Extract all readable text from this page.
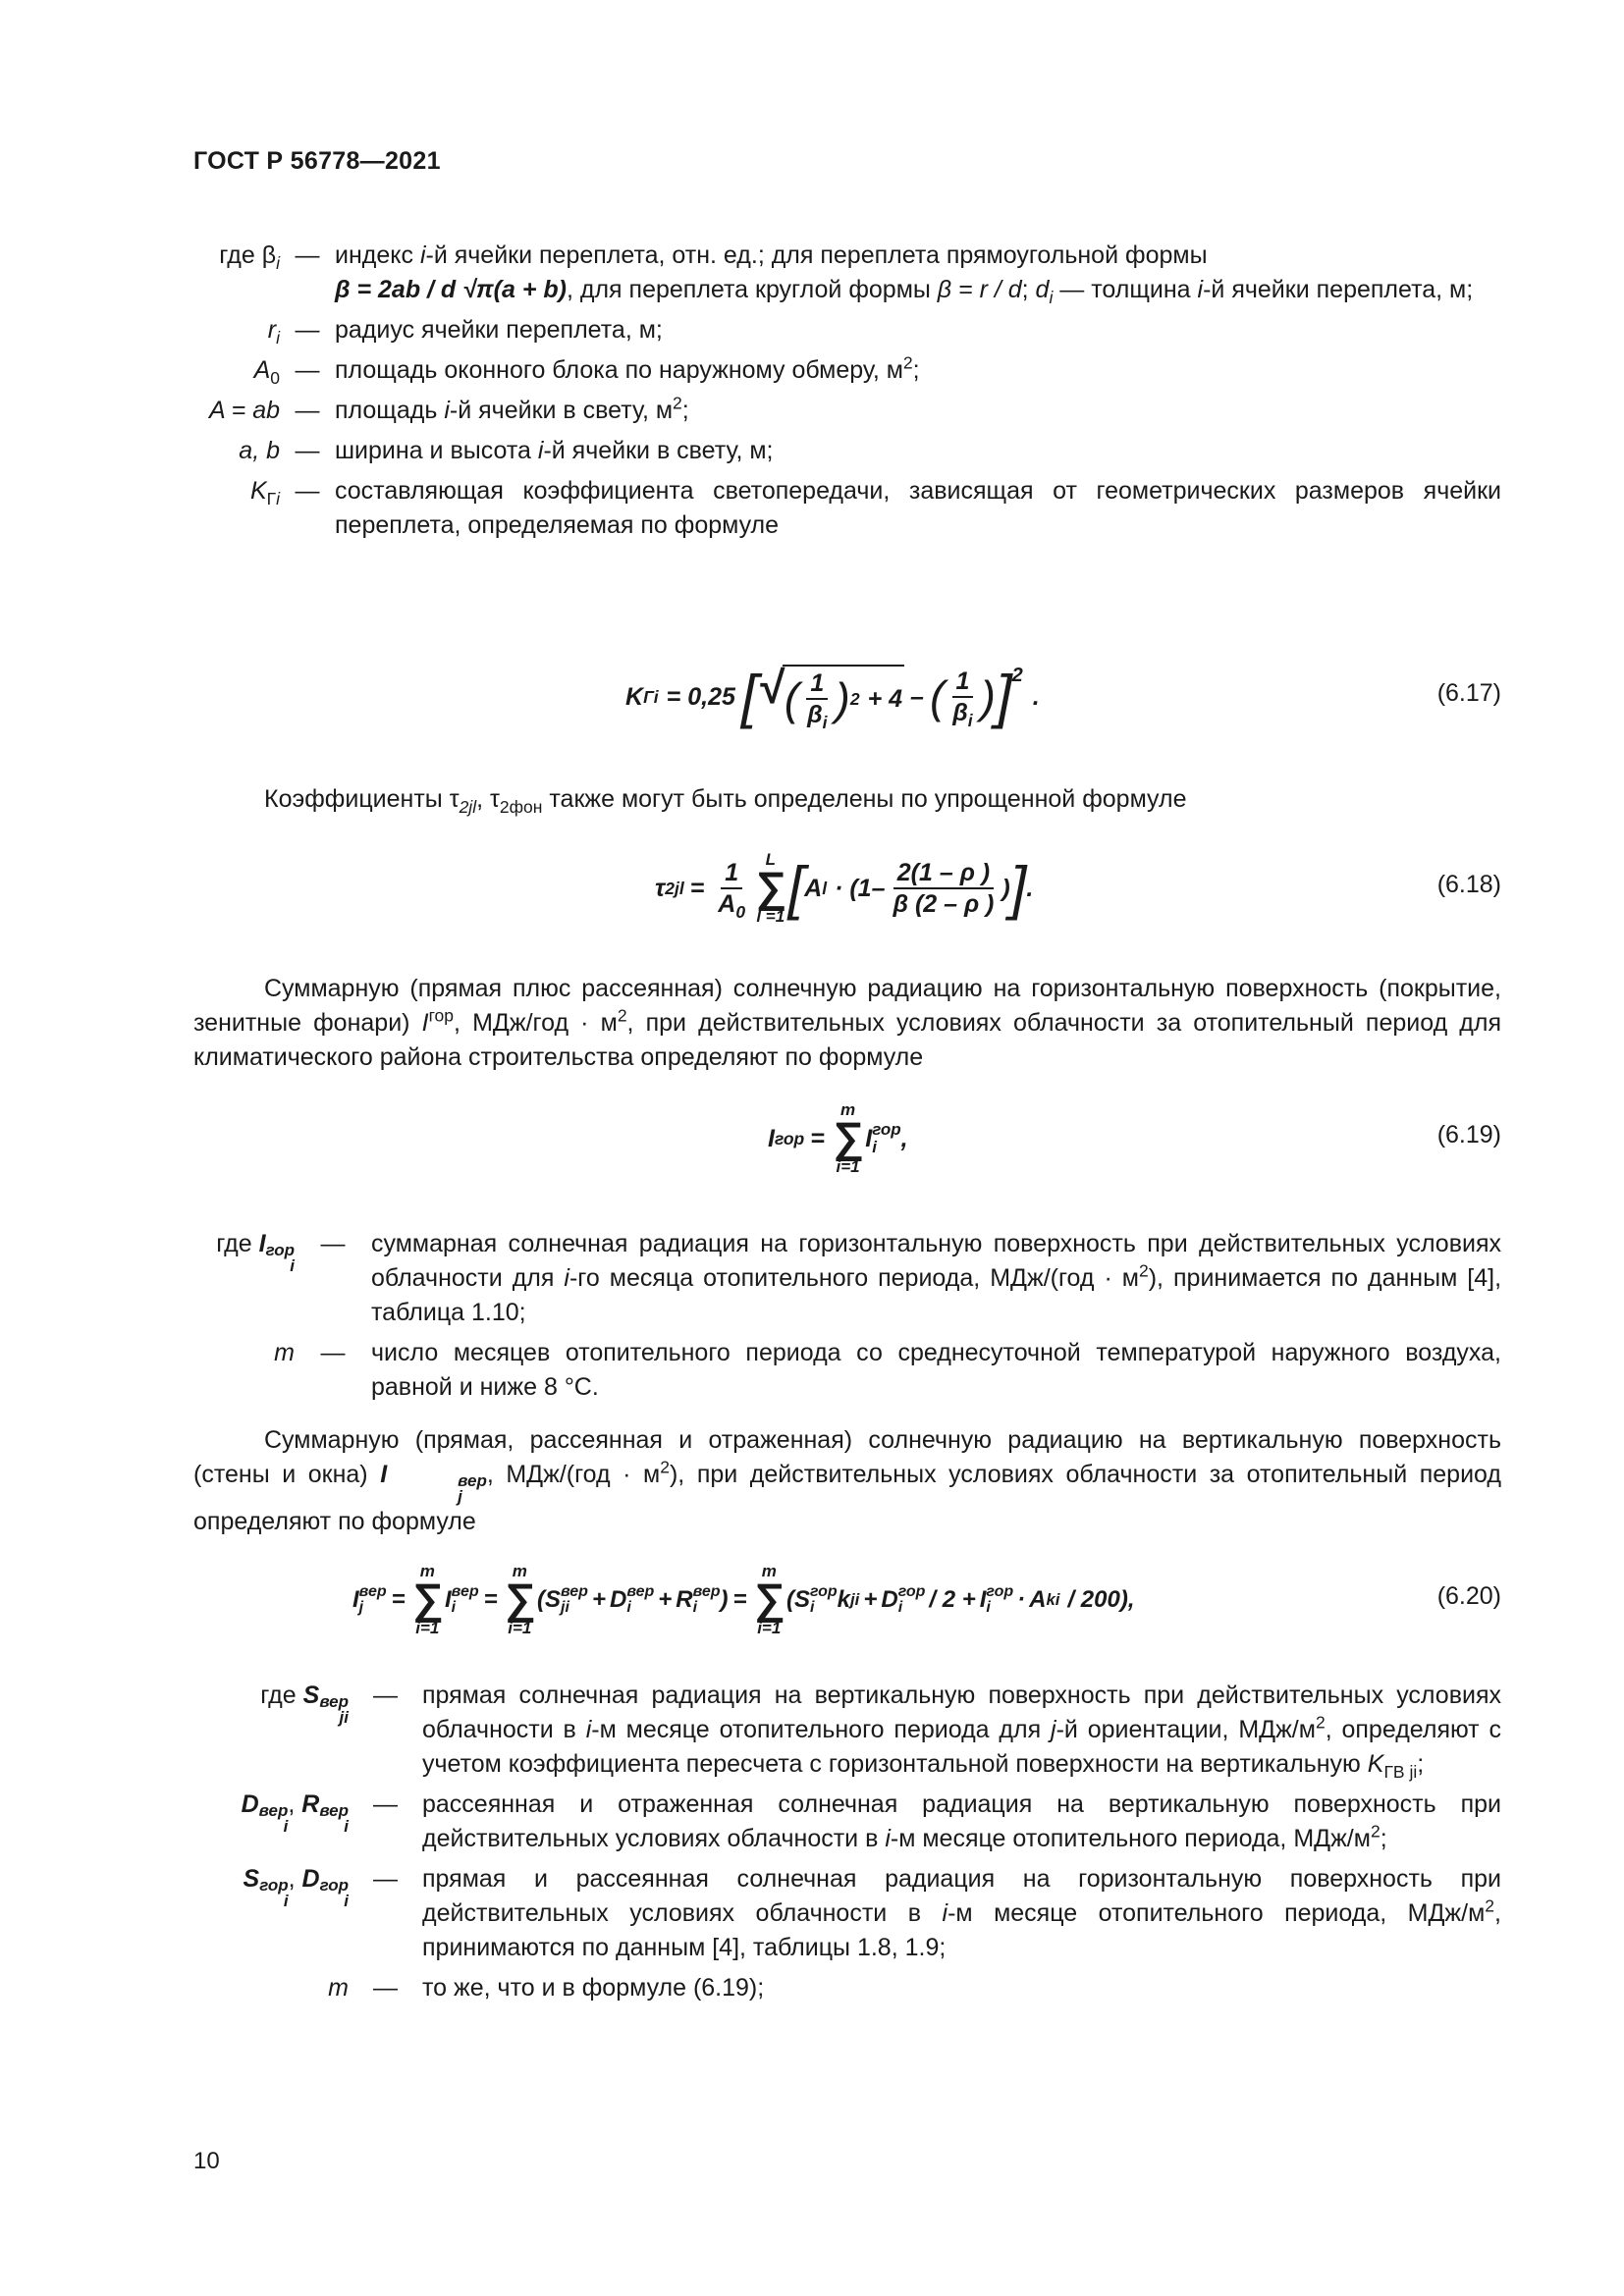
ГОСТ Р 56778—2021
где $\beta_i$ — индекс i-й ячейки переплета, отн. ед.; для переплета прямоугольной формы
β = 2ab / d √π(a + b), для переплета круглой формы β = r / d; $d_i$ — толщина i-й ячейки переплета, м;
$r_i$ — радиус ячейки переплета, м;
$A_0$ — площадь оконного блока по наружному обмеру, $м^2$;
A = ab — площадь i-й ячейки в свету, $м^2$;
a, b — ширина и высота i-й ячейки в свету, м;
$K_{Гi}$ — составляющая коэффициента светопередачи, зависящая от геометрических размеров ячейки переплета, определяемая по формуле
K Гi = 0,25 [ √ ( 1
$\beta_i$ ) 2 + 4 – ( 1
$\beta_i$ ) ]$^2$
.	(6.17)
Коэффициенты $\tau_{2jl}$, $\tau_{2фон}$ также могут быть определены по упрощенной формуле
τ $2jl = \frac{1}{A_0}$ L
∑
l =1 [ A l · (1–
2(1 – ρ )
β (2 – ρ )
) ] .	(6.18)
Суммарную (прямая плюс рассеянная) солнечную радиацию на горизонтальную поверхность (покрытие, зенитные фонари) $I^{гор}$, $МДж/год \cdot м^2$, при действительных условиях облачности за отопительный период для климатического района строительства определяют по формуле
I гор =
m
∑
i=1
I гор
i ,	(6.19)
где I гор
i
—	суммарная солнечная радиация на горизонтальную поверхность при действительных условиях облачности для i-го месяца отопительного периода, $МДж/(год \cdot м^2)$, принимается по данным [4], таблица 1.10;
m	—	число месяцев отопительного периода со среднесуточной температурой наружного воздуха, равной и ниже 8 °С.
Суммарную (прямая, рассеянная и отраженная) солнечную радиацию на вертикальную поверхность (стены и окна) I	вер
j
, $МДж/(год \cdot м^2)$, при действительных условиях облачности за отопительный период определяют по формуле
I вер
j	=
m
∑
i=1
I вер
i	=
m
∑
i=1
( S вер
ji + D вер
i	+ R вер
i ) =
m
∑
i=1
( S гор
i k ji + D гор
i	/ 2 + I гор
i	· A ki / 200),	(6.20)
где S вер
ji
—	прямая солнечная радиация на вертикальную поверхность при действительных условиях облачности в i-м месяце отопительного периода для j-й ориентации, МДж/$м^2$, определяют с учетом коэффициента пересчета с горизонтальной поверхности на вертикальную $K_{ГВ ji}$;
D вер
i
, R вер
i
—	рассеянная и отраженная солнечная радиация на вертикальную поверхность при действительных условиях облачности в i-м месяце отопительного периода, МДж/$м^2$;
S гор
i
, D гор
i
—	прямая и рассеянная солнечная радиация на горизонтальную поверхность при действительных условиях облачности в i-м месяце отопительного периода, МДж/$м^2$, принимаются по данным [4], таблицы 1.8, 1.9;
m	—	то же, что и в формуле (6.19);
10
